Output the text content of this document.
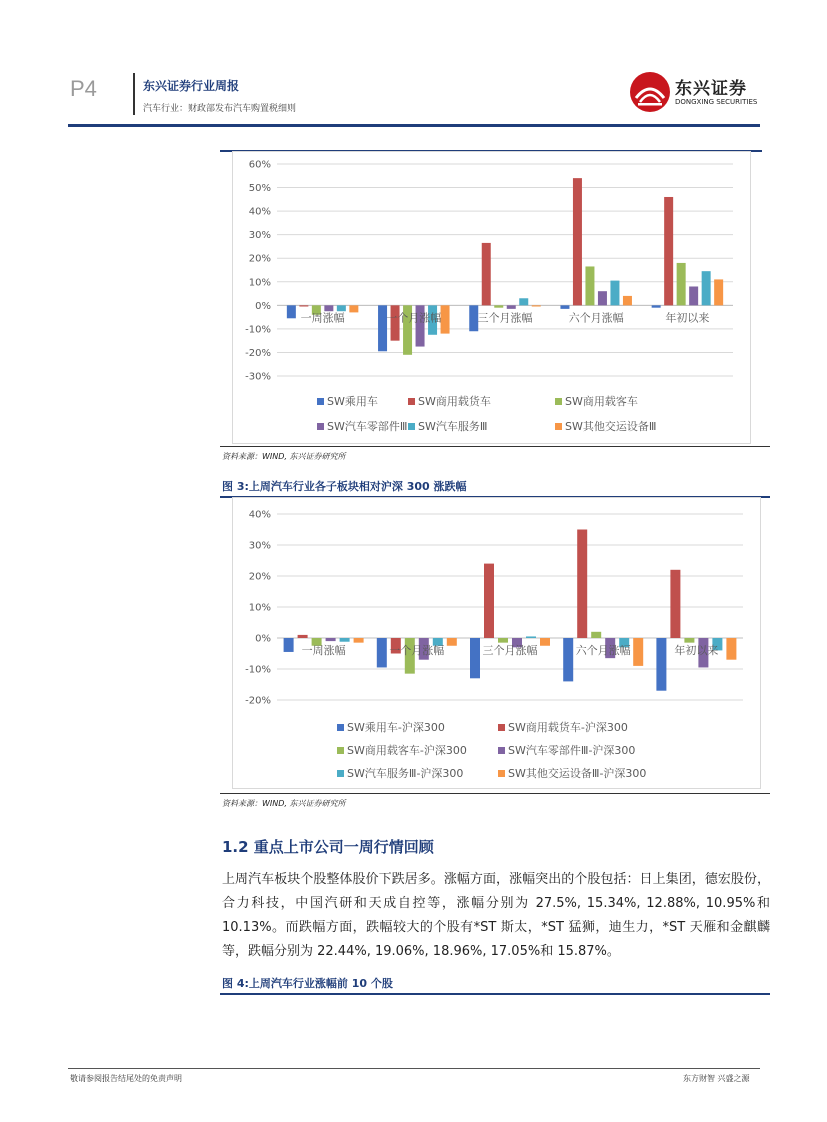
P4	东兴证券行业周报
汽车行业：财政部发布汽车购置税细则
东兴证券
DONGXING SECURITIES
-30%
-20%
-10%
0%
10%
20%
30%
40%
50%
60%
一周涨幅	一个月涨幅	三个月涨幅	六个月涨幅	年初以来
SW乘用车	SW商用载货车	SW商用载客车
SW汽车零部件Ⅲ SW汽车服务Ⅲ	SW其他交运设备Ⅲ
资料来源：WIND, 东兴证券研究所
图 3:上周汽车行业各子板块相对沪深 300 涨跌幅
-20%
-10%
0%
10%
20%
30%
40%
一周涨幅	一个月涨幅	三个月涨幅	六个月涨幅	年初以来
SW乘用车-沪深300	SW商用载货车-沪深300
SW商用载客车-沪深300	SW汽车零部件Ⅲ-沪深300
SW汽车服务Ⅲ-沪深300	SW其他交运设备Ⅲ-沪深300
资料来源：WIND, 东兴证券研究所
1.2 重点上市公司一周行情回顾
上周汽车板块个股整体股价下跌居多。涨幅方面，涨幅突出的个股包括：日上集团，德宏股份，合力科技，中国汽研和天成自控等，涨幅分别为 27.5%, 15.34%, 12.88%, 10.95%和 10.13%。而跌幅方面，跌幅较大的个股有*ST 斯太，*ST 猛狮，迪生力，*ST 天雁和金麒麟等，跌幅分别为 22.44%, 19.06%, 18.96%, 17.05%和 15.87%。
图 4:上周汽车行业涨幅前 10 个股
敬请参阅报告结尾处的免责声明	东方财智 兴盛之源
